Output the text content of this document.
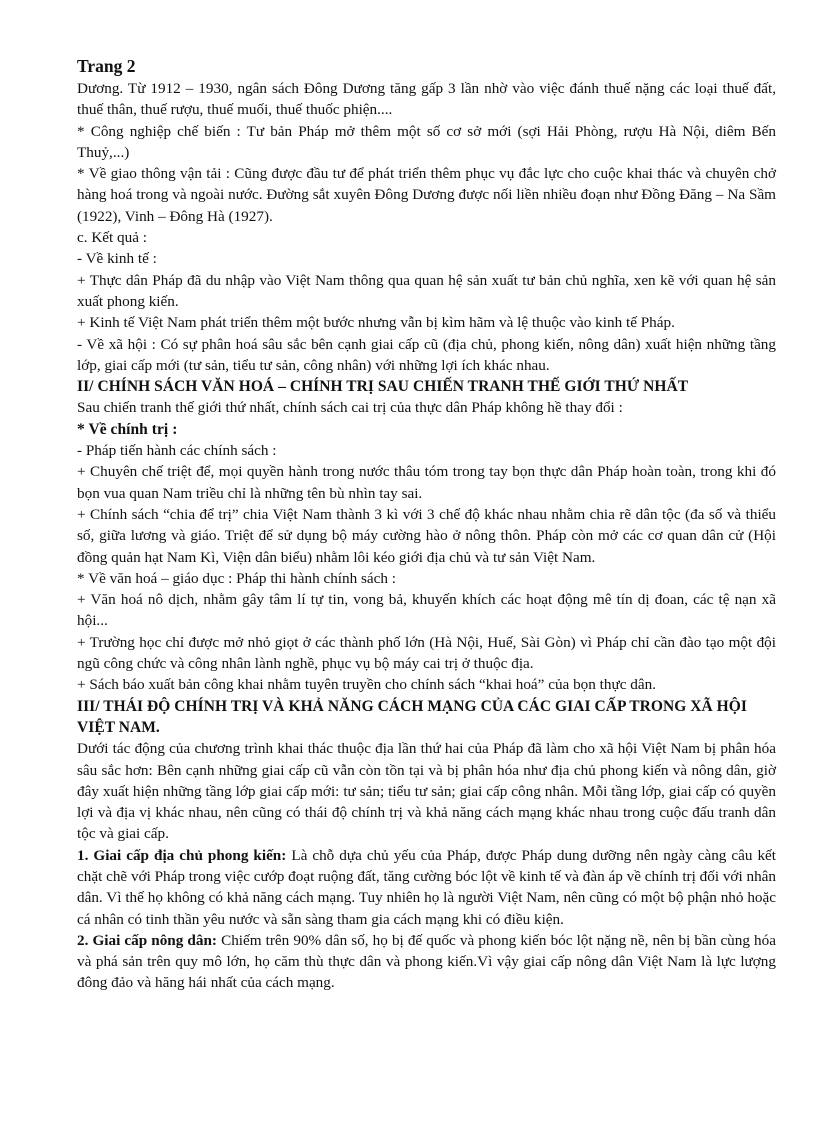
Trang 2

Dương. Từ 1912 – 1930, ngân sách Đông Dương tăng gấp 3 lần nhờ vào việc đánh thuế nặng các loại thuế đất, thuế thân, thuế rượu, thuế muối, thuế thuốc phiện....

* Công nghiệp chế biến : Tư bản Pháp mở thêm một số cơ sở mới (sợi Hải Phòng, rượu Hà Nội, diêm Bến Thuỷ,...)

* Về giao thông vận tải : Cũng được đầu tư để phát triển thêm phục vụ đắc lực cho cuộc khai thác và chuyên chở hàng hoá trong và ngoài nước. Đường sắt xuyên Đông Dương được nối liền nhiều đoạn như Đồng Đăng – Na Sầm (1922), Vinh – Đông Hà (1927).

c. Kết quả :

- Về kinh tế :

+ Thực dân Pháp đã du nhập vào Việt Nam thông qua quan hệ sản xuất tư bản chủ nghĩa, xen kẽ với quan hệ sản xuất phong kiến.

+ Kinh tế Việt Nam phát triển thêm một bước nhưng vẫn bị kìm hãm và lệ thuộc vào kinh tế Pháp.

- Về xã hội : Có sự phân hoá sâu sắc bên cạnh giai cấp cũ (địa chủ, phong kiến, nông dân) xuất hiện những tầng lớp, giai cấp mới (tư sản, tiểu tư sản, công nhân) với những lợi ích khác nhau.

II/ CHÍNH SÁCH VĂN HOÁ – CHÍNH TRỊ SAU CHIẾN TRANH THẾ GIỚI THỨ NHẤT

Sau chiến tranh thế giới thứ nhất, chính sách cai trị của thực dân Pháp không hề thay đổi :

* Về chính trị :

- Pháp tiến hành các chính sách :

+ Chuyên chế triệt để, mọi quyền hành trong nước thâu tóm trong tay bọn thực dân Pháp hoàn toàn, trong khi đó bọn vua quan Nam triều chỉ là những tên bù nhìn tay sai.

+ Chính sách “chia để trị” chia Việt Nam thành 3 kì với 3 chế độ khác nhau nhằm chia rẽ dân tộc (đa số và thiểu số, giữa lương và giáo. Triệt để sử dụng bộ máy cường hào ở nông thôn. Pháp còn mở các cơ quan dân cử (Hội đồng quản hạt Nam Kì, Viện dân biểu) nhằm lôi kéo giới địa chủ và tư sản Việt Nam.

* Về văn hoá – giáo dục : Pháp thi hành chính sách :

+ Văn hoá nô dịch, nhằm gây tâm lí tự tin, vong bả, khuyến khích các hoạt động mê tín dị đoan, các tệ nạn xã hội...

+ Trường học chỉ được mở nhỏ giọt ở các thành phố lớn (Hà Nội, Huế, Sài Gòn) vì Pháp chỉ cần đào tạo một đội ngũ công chức và công nhân lành nghề, phục vụ bộ máy cai trị ở thuộc địa.

+ Sách báo xuất bản công khai nhằm tuyên truyền cho chính sách “khai hoá” của bọn thực dân.

III/ THÁI ĐỘ CHÍNH TRỊ VÀ KHẢ NĂNG CÁCH MẠNG CỦA CÁC GIAI CẤP TRONG XÃ HỘI VIỆT NAM.

Dưới tác động của chương trình khai thác thuộc địa lần thứ hai của Pháp đã làm cho xã hội Việt Nam bị phân hóa sâu sắc hơn: Bên cạnh những giai cấp cũ vẫn còn tồn tại và bị phân hóa như địa chủ phong kiến và nông dân, giờ đây xuất hiện những tầng lớp giai cấp mới: tư sản; tiểu tư sản; giai cấp công nhân. Mỗi tầng lớp, giai cấp có quyền lợi và địa vị khác nhau, nên cũng có thái độ chính trị và khả năng cách mạng khác nhau trong cuộc đấu tranh dân tộc và giai cấp.

1. Giai cấp địa chủ phong kiến: Là chỗ dựa chủ yếu của Pháp, được Pháp dung dưỡng nên ngày càng câu kết chặt chẽ với Pháp trong việc cướp đoạt ruộng đất, tăng cường bóc lột về kinh tế và đàn áp về chính trị đối với nhân dân. Vì thế họ không có khả năng cách mạng. Tuy nhiên họ là người Việt Nam, nên cũng có một bộ phận nhỏ hoặc cá nhân có tinh thần yêu nước và sẵn sàng tham gia cách mạng khi có điều kiện.

2. Giai cấp nông dân: Chiếm trên 90% dân số, họ bị đế quốc và phong kiến bóc lột nặng nề, nên bị bần cùng hóa và phá sản trên quy mô lớn, họ căm thù thực dân và phong kiến.Vì vậy giai cấp nông dân Việt Nam là lực lượng đông đảo và hăng hái nhất của cách mạng.
